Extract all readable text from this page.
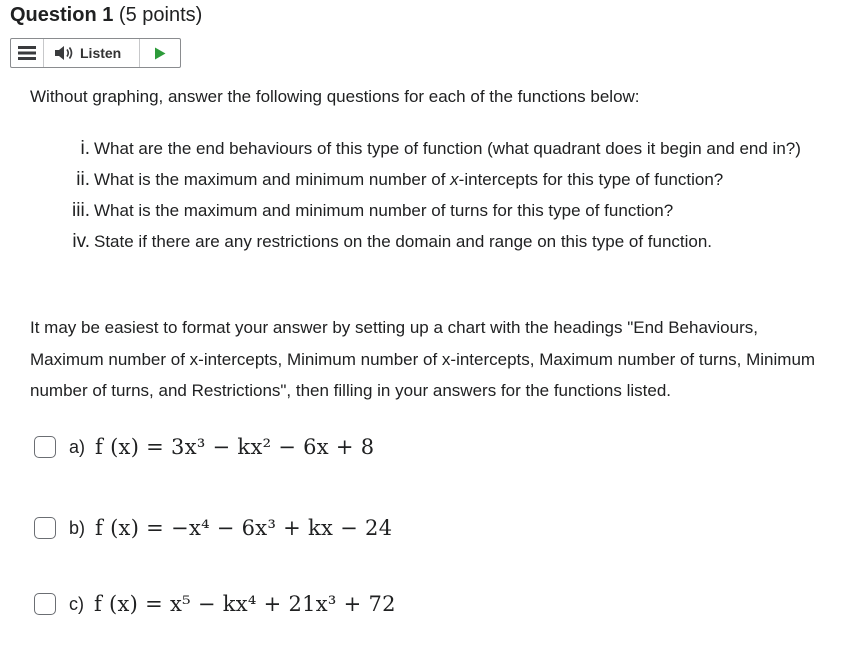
Question 1 (5 points)
Listen
Without graphing, answer the following questions for each of the functions below:
i. What are the end behaviours of this type of function (what quadrant does it begin and end in?)
ii. What is the maximum and minimum number of x-intercepts for this type of function?
iii. What is the maximum and minimum number of turns for this type of function?
iv. State if there are any restrictions on the domain and range on this type of function.
It may be easiest to format your answer by setting up a chart with the headings "End Behaviours, Maximum number of x-intercepts, Minimum number of x-intercepts, Maximum number of turns, Minimum number of turns, and Restrictions", then filling in your answers for the functions listed.
a) f (x) = 3x³ − kx² − 6x + 8
b) f (x) = −x⁴ − 6x³ + kx − 24
c) f (x) = x⁵ − kx⁴ + 21x³ + 72
